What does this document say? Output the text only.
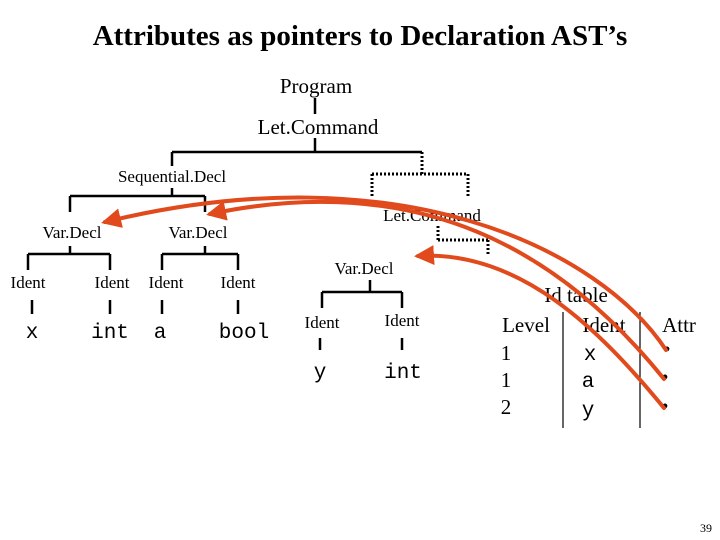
Attributes as pointers to Declaration AST’s
Program
Let.Command
Sequential.Decl
Var.Decl	Var.Decl
Let.Command
Var.Decl
Ident	Ident Ident Ident
Ident	Ident
x	int a bool
y	int
Id table
Level Ident Attr
1	x	•
1	a	•
2	y	•
39
